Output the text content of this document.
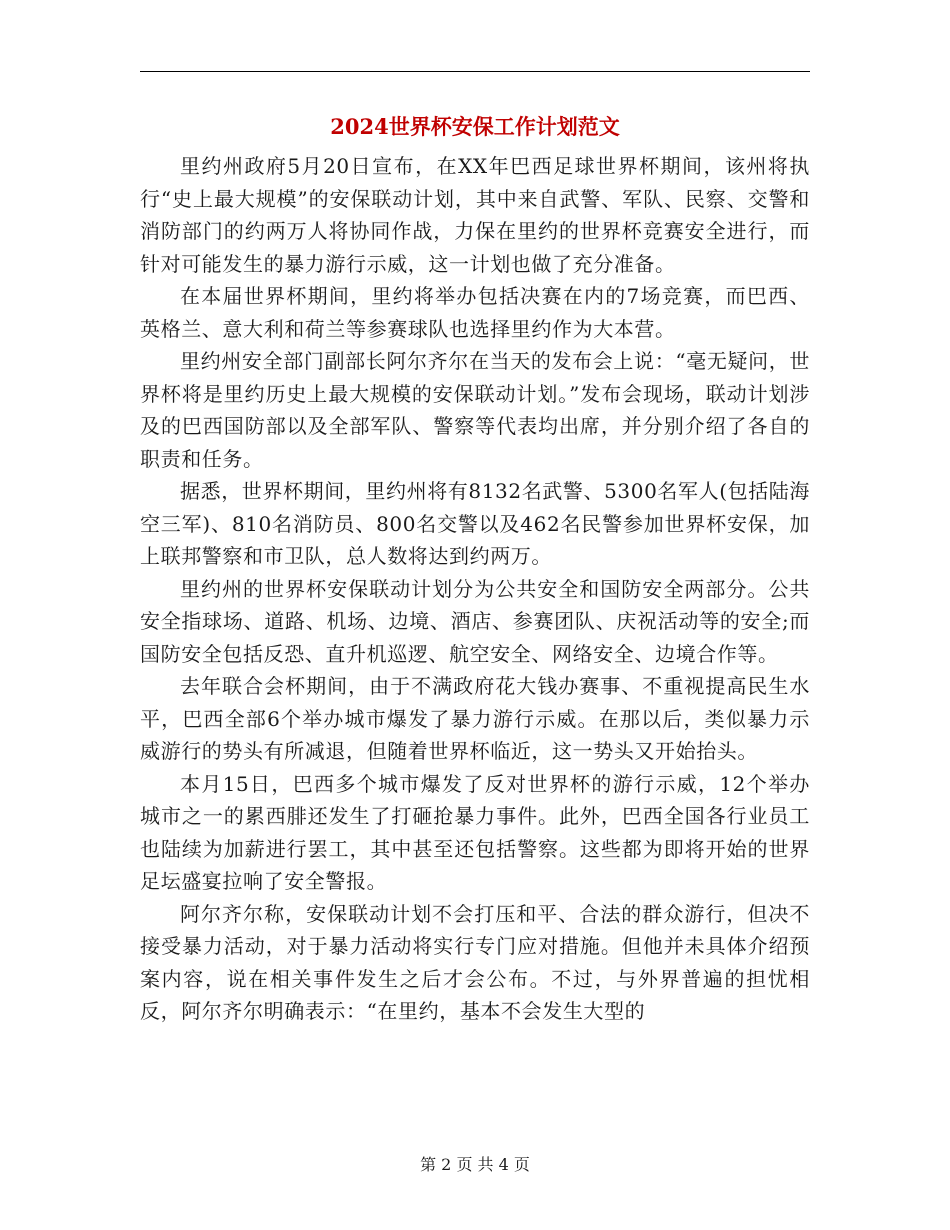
2024世界杯安保工作计划范文

里约州政府5月20日宣布，在XX年巴西足球世界杯期间，该州将执行“史上最大规模”的安保联动计划，其中来自武警、军队、民察、交警和消防部门的约两万人将协同作战，力保在里约的世界杯竞赛安全进行，而针对可能发生的暴力游行示威，这一计划也做了充分准备。

在本届世界杯期间，里约将举办包括决赛在内的7场竞赛，而巴西、英格兰、意大利和荷兰等参赛球队也选择里约作为大本营。

里约州安全部门副部长阿尔齐尔在当天的发布会上说：“毫无疑问，世界杯将是里约历史上最大规模的安保联动计划。”发布会现场，联动计划涉及的巴西国防部以及全部军队、警察等代表均出席，并分别介绍了各自的职责和任务。

据悉，世界杯期间，里约州将有8132名武警、5300名军人(包括陆海空三军)、810名消防员、800名交警以及462名民警参加世界杯安保，加上联邦警察和市卫队，总人数将达到约两万。

里约州的世界杯安保联动计划分为公共安全和国防安全两部分。公共安全指球场、道路、机场、边境、酒店、参赛团队、庆祝活动等的安全;而国防安全包括反恐、直升机巡逻、航空安全、网络安全、边境合作等。

去年联合会杯期间，由于不满政府花大钱办赛事、不重视提高民生水平，巴西全部6个举办城市爆发了暴力游行示威。在那以后，类似暴力示威游行的势头有所减退，但随着世界杯临近，这一势头又开始抬头。

本月15日，巴西多个城市爆发了反对世界杯的游行示威，12个举办城市之一的累西腓还发生了打砸抢暴力事件。此外，巴西全国各行业员工也陆续为加薪进行罢工，其中甚至还包括警察。这些都为即将开始的世界足坛盛宴拉响了安全警报。

阿尔齐尔称，安保联动计划不会打压和平、合法的群众游行，但决不接受暴力活动，对于暴力活动将实行专门应对措施。但他并未具体介绍预案内容，说在相关事件发生之后才会公布。不过，与外界普遍的担忧相反，阿尔齐尔明确表示：“在里约，基本不会发生大型的

第 2 页 共 4 页
